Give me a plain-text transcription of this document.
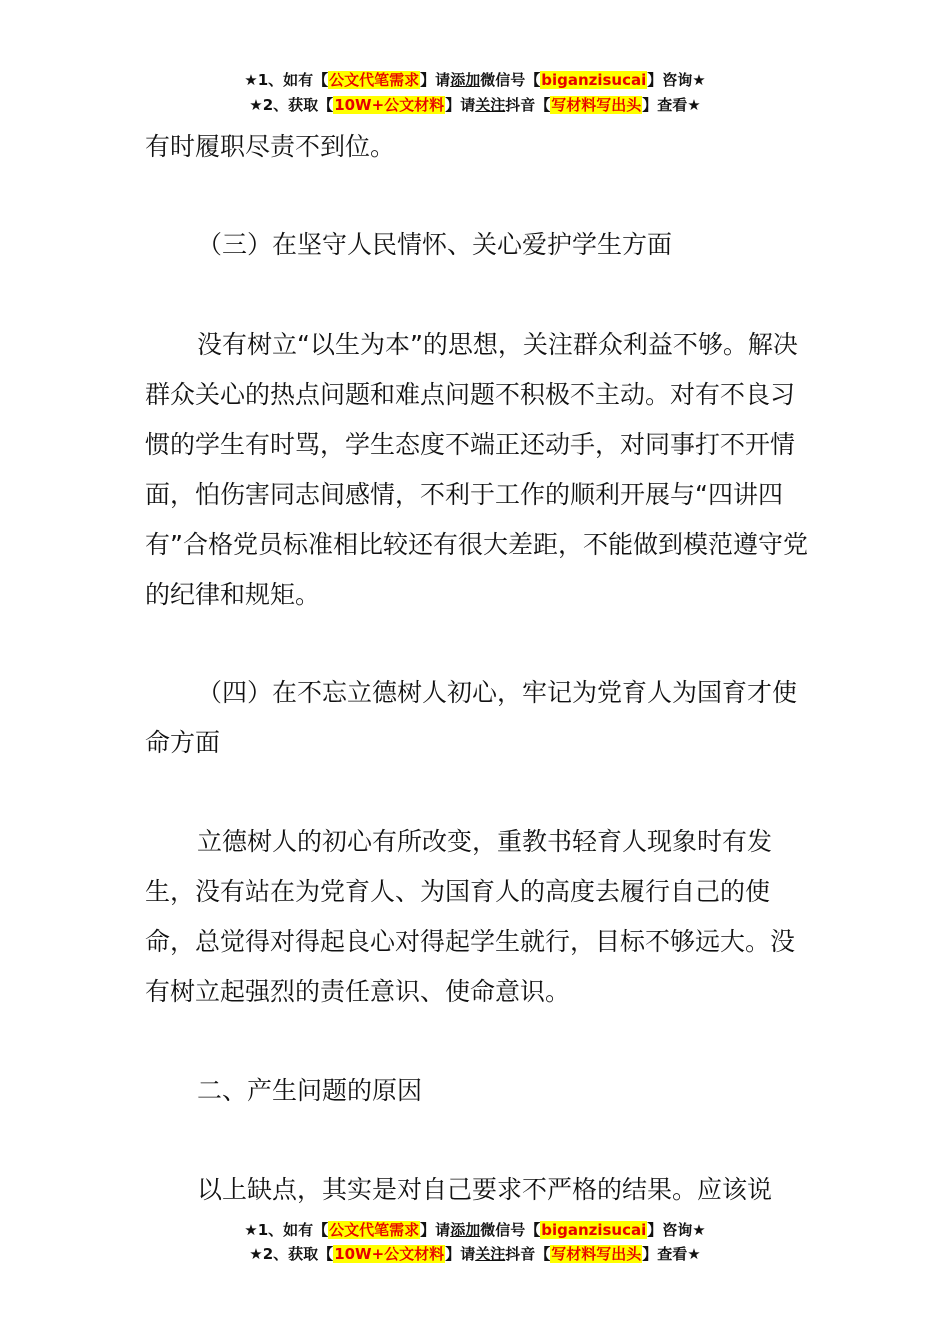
★1、如有【公文代笔需求】请添加微信号【biganzisucai】咨询★
★2、获取【10W+公文材料】请关注抖音【写材料写出头】查看★

有时履职尽责不到位。

（三）在坚守人民情怀、关心爱护学生方面

没有树立“以生为本”的思想，关注群众利益不够。解决群众关心的热点问题和难点问题不积极不主动。对有不良习惯的学生有时骂，学生态度不端正还动手，对同事打不开情面，怕伤害同志间感情，不利于工作的顺利开展与“四讲四有”合格党员标准相比较还有很大差距，不能做到模范遵守党的纪律和规矩。

（四）在不忘立德树人初心，牢记为党育人为国育才使命方面

立德树人的初心有所改变，重教书轻育人现象时有发生，没有站在为党育人、为国育人的高度去履行自己的使命，总觉得对得起良心对得起学生就行，目标不够远大。没有树立起强烈的责任意识、使命意识。

二、产生问题的原因

以上缺点，其实是对自己要求不严格的结果。应该说

★1、如有【公文代笔需求】请添加微信号【biganzisucai】咨询★
★2、获取【10W+公文材料】请关注抖音【写材料写出头】查看★
